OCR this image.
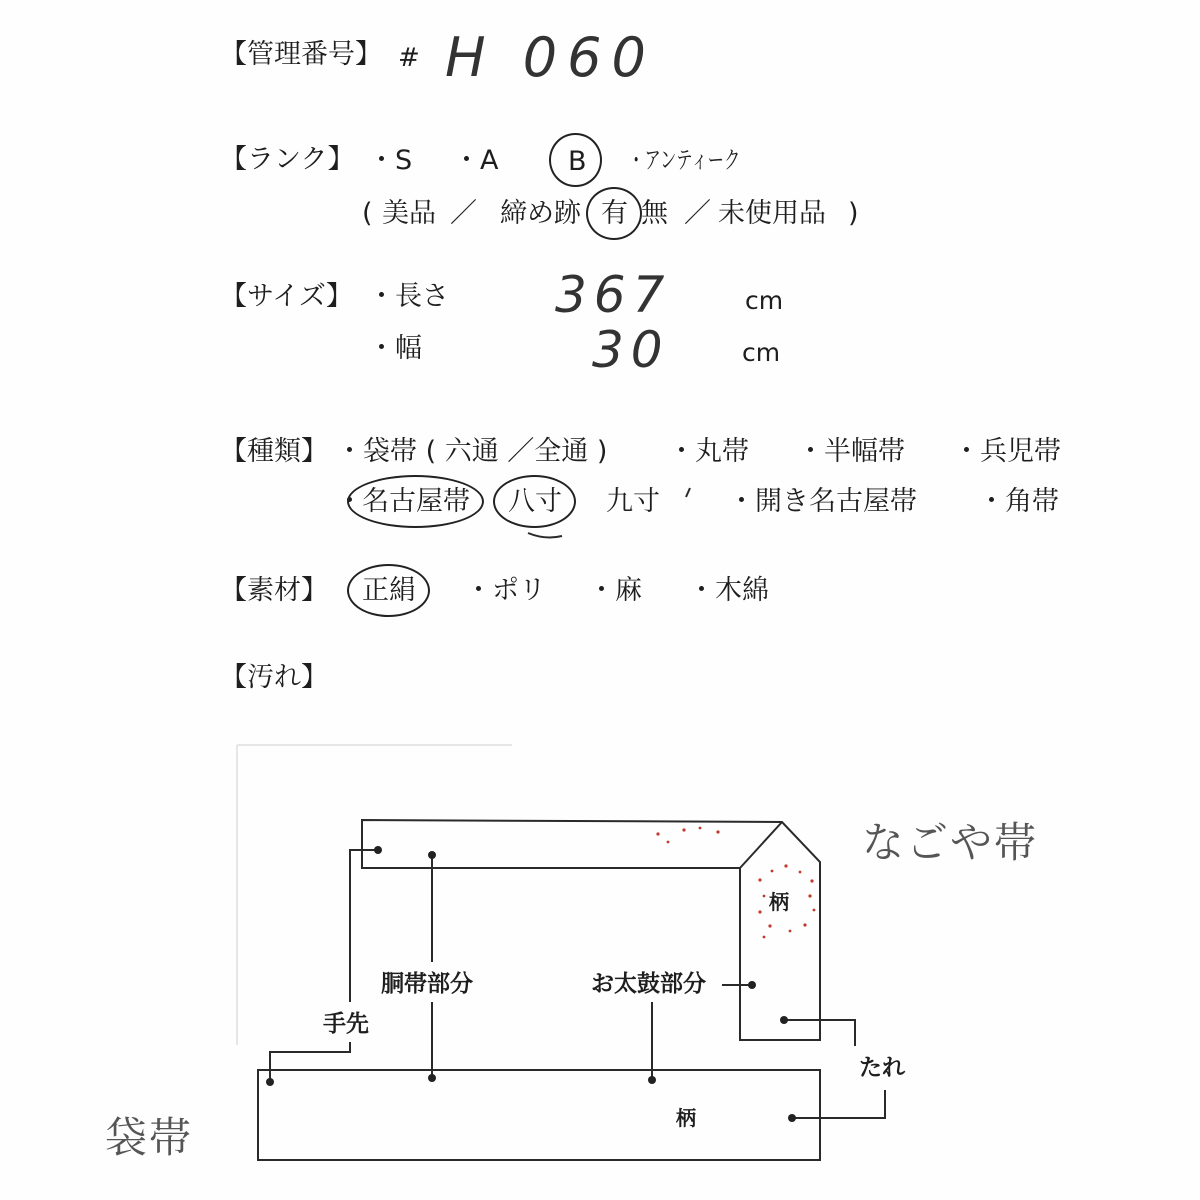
【管理番号】 # H 060
【ランク】 ・S ・A	B ・アンティーク
( 美品 ／ 締め跡 有 無 ／ 未使用品 )
【サイズ】 ・長さ 367	cm
・幅	30	cm
【種類】 ・袋帯 ( 六通 ／全通 ) ・丸帯 ・半幅帯 ・兵児帯
・ 名古屋帯 八寸 九寸	・開き名古屋帯 ・角帯
【素材】 正絹 ・ポリ ・麻 ・木綿
【汚れ】
なごや帯
袋帯
手先
胴帯部分	お太鼓部分
たれ
柄
柄
